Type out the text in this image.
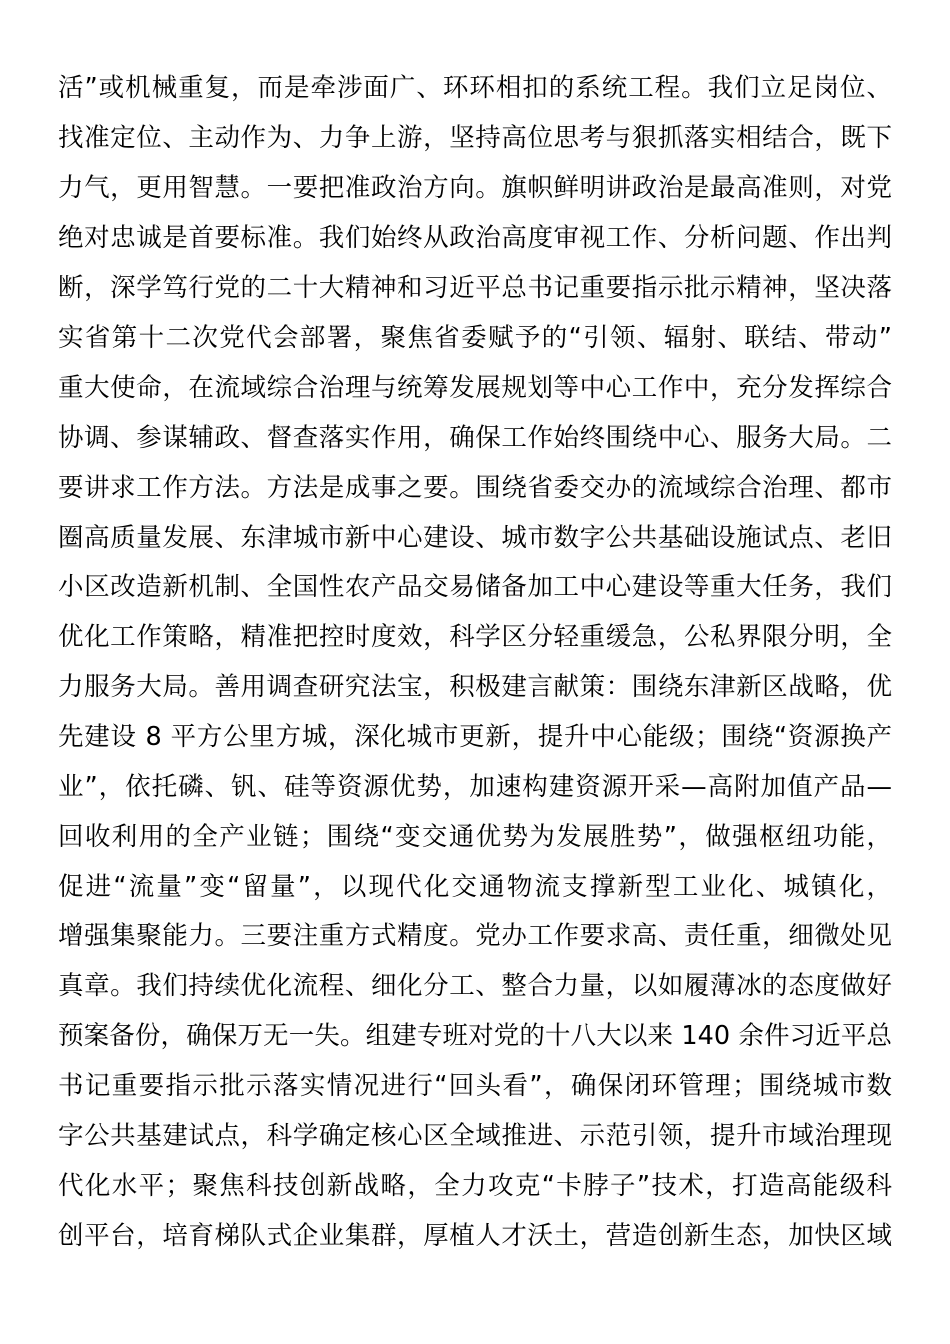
活”或机械重复，而是牵涉面广、环环相扣的系统工程。我们立足岗位、
找准定位、主动作为、力争上游，坚持高位思考与狠抓落实相结合，既下
力气，更用智慧。一要把准政治方向。旗帜鲜明讲政治是最高准则，对党
绝对忠诚是首要标准。我们始终从政治高度审视工作、分析问题、作出判
断，深学笃行党的二十大精神和习近平总书记重要指示批示精神，坚决落
实省第十二次党代会部署，聚焦省委赋予的“引领、辐射、联结、带动”
重大使命，在流域综合治理与统筹发展规划等中心工作中，充分发挥综合
协调、参谋辅政、督查落实作用，确保工作始终围绕中心、服务大局。二
要讲求工作方法。方法是成事之要。围绕省委交办的流域综合治理、都市
圈高质量发展、东津城市新中心建设、城市数字公共基础设施试点、老旧
小区改造新机制、全国性农产品交易储备加工中心建设等重大任务，我们
优化工作策略，精准把控时度效，科学区分轻重缓急，公私界限分明，全
力服务大局。善用调查研究法宝，积极建言献策：围绕东津新区战略，优
先建设 8 平方公里方城，深化城市更新，提升中心能级；围绕“资源换产
业”，依托磷、钒、硅等资源优势，加速构建资源开采—高附加值产品—
回收利用的全产业链；围绕“变交通优势为发展胜势”，做强枢纽功能，
促进“流量”变“留量”，以现代化交通物流支撑新型工业化、城镇化，
增强集聚能力。三要注重方式精度。党办工作要求高、责任重，细微处见
真章。我们持续优化流程、细化分工、整合力量，以如履薄冰的态度做好
预案备份，确保万无一失。组建专班对党的十八大以来 140 余件习近平总
书记重要指示批示落实情况进行“回头看”，确保闭环管理；围绕城市数
字公共基建试点，科学确定核心区全域推进、示范引领，提升市域治理现
代化水平；聚焦科技创新战略，全力攻克“卡脖子”技术，打造高能级科
创平台，培育梯队式企业集群，厚植人才沃土，营造创新生态，加快区域
